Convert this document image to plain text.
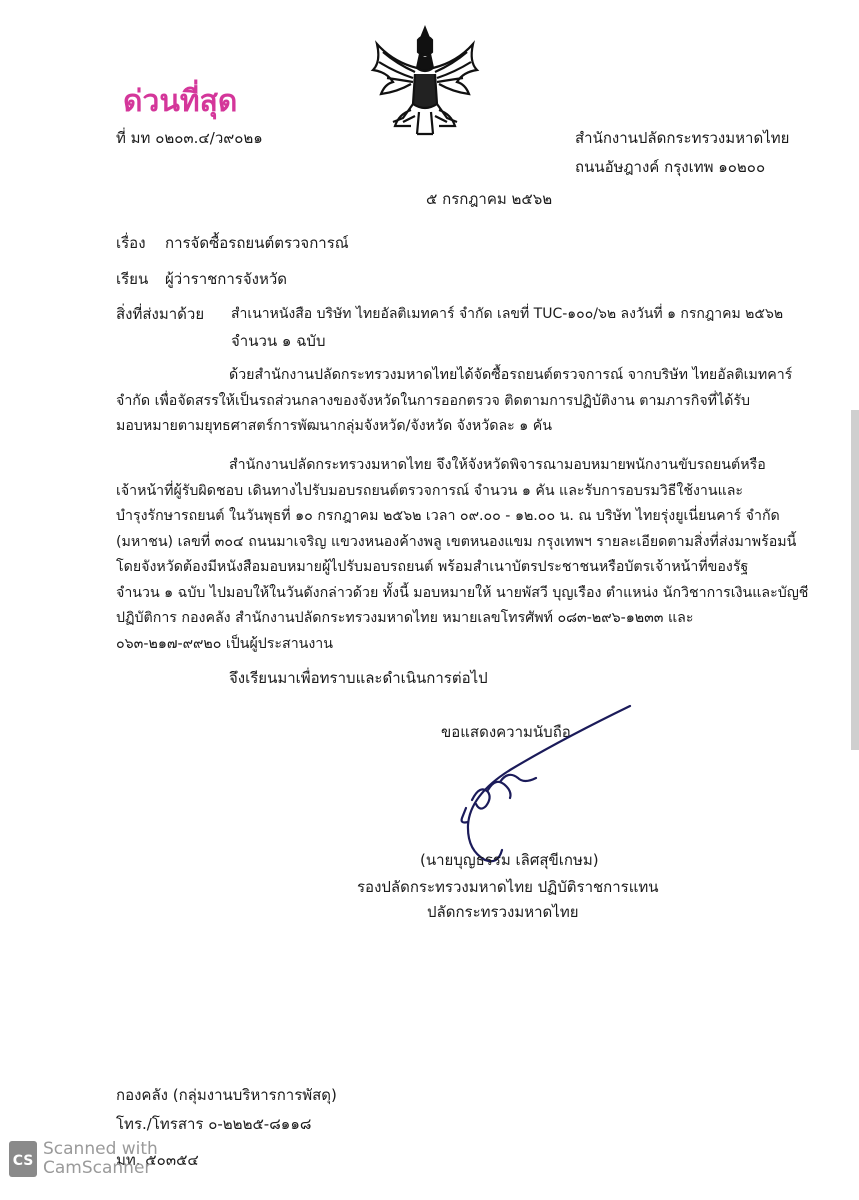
ด่วนที่สุด
ที่ มท ๐๒๐๓.๔/ว๙๐๒๑	สำนักงานปลัดกระทรวงมหาดไทย
ถนนอัษฎางค์ กรุงเทพ ๑๐๒๐๐
๕ กรกฎาคม ๒๕๖๒
เรื่อง การจัดซื้อรถยนต์ตรวจการณ์
เรียน ผู้ว่าราชการจังหวัด
สิ่งที่ส่งมาด้วย สำเนาหนังสือ บริษัท ไทยอัลติเมทคาร์ จำกัด เลขที่ TUC-๑๐๐/๖๒ ลงวันที่ ๑ กรกฎาคม ๒๕๖๒
จำนวน ๑ ฉบับ
ด้วยสำนักงานปลัดกระทรวงมหาดไทยได้จัดซื้อรถยนต์ตรวจการณ์ จากบริษัท ไทยอัลติเมทคาร์
จำกัด เพื่อจัดสรรให้เป็นรถส่วนกลางของจังหวัดในการออกตรวจ ติดตามการปฏิบัติงาน ตามภารกิจที่ได้รับ
มอบหมายตามยุทธศาสตร์การพัฒนากลุ่มจังหวัด/จังหวัด จังหวัดละ ๑ คัน
สำนักงานปลัดกระทรวงมหาดไทย จึงให้จังหวัดพิจารณามอบหมายพนักงานขับรถยนต์หรือ
เจ้าหน้าที่ผู้รับผิดชอบ เดินทางไปรับมอบรถยนต์ตรวจการณ์ จำนวน ๑ คัน และรับการอบรมวิธีใช้งานและ
บำรุงรักษารถยนต์ ในวันพุธที่ ๑๐ กรกฎาคม ๒๕๖๒ เวลา ๐๙.๐๐ - ๑๒.๐๐ น. ณ บริษัท ไทยรุ่งยูเนี่ยนคาร์ จำกัด
(มหาชน) เลขที่ ๓๐๔ ถนนมาเจริญ แขวงหนองค้างพลู เขตหนองแขม กรุงเทพฯ รายละเอียดตามสิ่งที่ส่งมาพร้อมนี้
โดยจังหวัดต้องมีหนังสือมอบหมายผู้ไปรับมอบรถยนต์ พร้อมสำเนาบัตรประชาชนหรือบัตรเจ้าหน้าที่ของรัฐ
จำนวน ๑ ฉบับ ไปมอบให้ในวันดังกล่าวด้วย ทั้งนี้ มอบหมายให้ นายพัสวี บุญเรือง ตำแหน่ง นักวิชาการเงินและบัญชี
ปฏิบัติการ กองคลัง สำนักงานปลัดกระทรวงมหาดไทย หมายเลขโทรศัพท์ ๐๘๓-๒๙๖-๑๒๓๓ และ
๐๖๓-๒๑๗-๙๙๒๐ เป็นผู้ประสานงาน
จึงเรียนมาเพื่อทราบและดำเนินการต่อไป
ขอแสดงความนับถือ
(นายบุญธรรม เลิศสุขีเกษม)
รองปลัดกระทรวงมหาดไทย ปฏิบัติราชการแทน
ปลัดกระทรวงมหาดไทย
กองคลัง (กลุ่มงานบริหารการพัสดุ)
โทร./โทรสาร ๐-๒๒๒๕-๘๑๑๘
มท. ๕๐๓๕๔
CS
Scanned with
CamScanner
